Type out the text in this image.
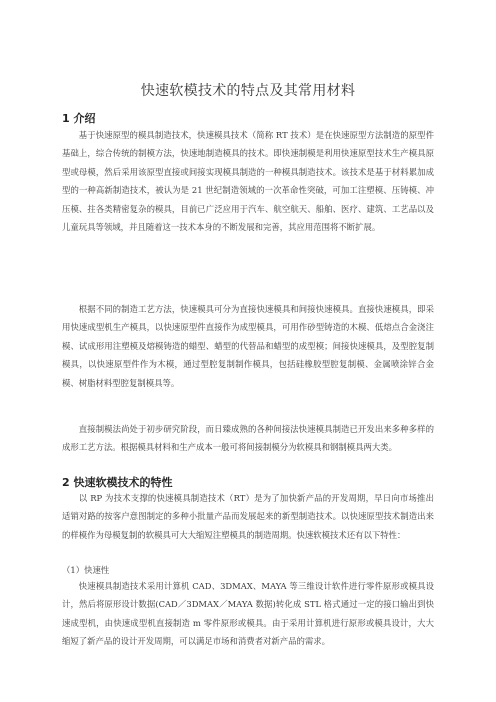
快速软模技术的特点及其常用材料
1 介绍

基于快速原型的模具制造技术，快速模具技术（简称 RT 技术）是在快速原型方法制造的原型件基础上，综合传统的制模方法，快速地制造模具的技术。即快速制模是利用快速原型技术生产模具原型或母模，然后采用该原型直接或间接实现模具制造的一种模具制造技术。该技术是基于材料累加成型的一种高新制造技术，被认为是 21 世纪制造领域的一次革命性突破，可加工注塑模、压铸模、冲压模、拄各类精密复杂的模具，目前已广泛应用于汽车、航空航天、船舶、医疗、建筑、工艺品以及儿童玩具等领域，并且随着这一技术本身的不断发展和完善，其应用范围将不断扩展。

根据不同的制造工艺方法，快速模具可分为直接快速模具和间接快速模具。直接快速模具，即采用快速成型机生产模具，以快速原型件直接作为成型模具，可用作砂型铸造的木模、低熔点合金浇注模、试成形用注塑模及熔模铸造的蜡型、蜡型的代替品和蜡型的成型模；间接快速模具，及型腔复制模具，以快速原型件作为木模，通过型腔复制制作模具，包括硅橡胶型腔复制模、金属喷涂锌合金模、树脂材料型腔复制模具等。

直接制模法尚处于初步研究阶段，而日臻成熟的各种间接法快速模具制造已开发出来多种多样的成形工艺方法。根据模具材料和生产成本一般可将间接制模分为软模具和钢制模具两大类。

2 快速软模技术的特性

以 RP 为技术支撑的快速模具制造技术（RT）是为了加快新产品的开发周期，早日向市场推出适销对路的按客户意图制定的多种小批量产品而发展起来的新型制造技术。以快速原型技术制造出来的样模作为母模复制的软模具可大大缩短注塑模具的制造周期。快速软模技术还有以下特性：

（1）快速性

快速模具制造技术采用计算机 CAD、3DMAX、MAYA 等三维设计软件进行零件原形或模具设计，然后将原形设计数据(CAD／3DMAX／MAYA 数据)转化成 STL 格式通过一定的接口输出到快速成型机，由快速成型机直接制造 m 零件原形或模具。由于采用计算机进行原形或模具设计，大大缩短了新产品的设计开发周期，可以满足市场和消费者对新产品的需求。
